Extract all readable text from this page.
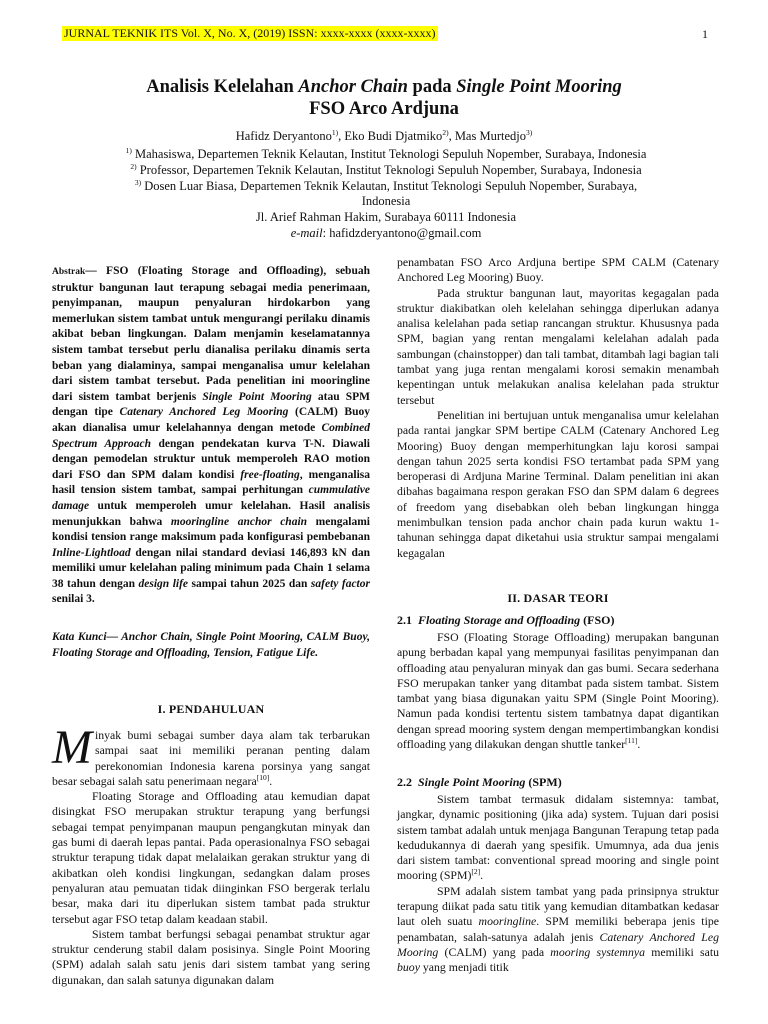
JURNAL TEKNIK ITS Vol. X, No. X, (2019) ISSN: xxxx-xxxx (xxxx-xxxx)	1
Analisis Kelelahan Anchor Chain pada Single Point Mooring
FSO Arco Ardjuna
Hafidz Deryantono$^{1)}$, Eko Budi Djatmiko$^{2)}$, Mas Murtedjo$^{3)}$
$^{1)}$ Mahasiswa, Departemen Teknik Kelautan, Institut Teknologi Sepuluh Nopember, Surabaya, Indonesia
$^{2)}$ Professor, Departemen Teknik Kelautan, Institut Teknologi Sepuluh Nopember, Surabaya, Indonesia
$^{3)}$ Dosen Luar Biasa, Departemen Teknik Kelautan, Institut Teknologi Sepuluh Nopember, Surabaya,
Indonesia
Jl. Arief Rahman Hakim, Surabaya 60111 Indonesia
e-mail: hafidzderyantono@gmail.com

Abstrak— FSO (Floating Storage and Offloading), sebuah struktur bangunan laut terapung sebagai media penerimaan, penyimpanan, maupun penyaluran hirdokarbon yang memerlukan sistem tambat untuk mengurangi perilaku dinamis akibat beban lingkungan. Dalam menjamin keselamatannya sistem tambat tersebut perlu dianalisa perilaku dinamis serta beban yang dialaminya, sampai menganalisa umur kelelahan dari sistem tambat tersebut. Pada penelitian ini mooringline dari sistem tambat berjenis Single Point Mooring atau SPM dengan tipe Catenary Anchored Leg Mooring (CALM) Buoy akan dianalisa umur kelelahannya dengan metode Combined Spectrum Approach dengan pendekatan kurva T-N. Diawali dengan pemodelan struktur untuk memperoleh RAO motion dari FSO dan SPM dalam kondisi free-floating, menganalisa hasil tension sistem tambat, sampai perhitungan cummulative damage untuk memperoleh umur kelelahan. Hasil analisis menunjukkan bahwa mooringline anchor chain mengalami kondisi tension range maksimum pada konfigurasi pembebanan Inline-Lightload dengan nilai standard deviasi 146,893 kN dan memiliki umur kelelahan paling minimum pada Chain 1 selama 38 tahun dengan design life sampai tahun 2025 dan safety factor senilai 3.

Kata Kunci— Anchor Chain, Single Point Mooring, CALM Buoy, Floating Storage and Offloading, Tension, Fatigue Life.

I. PENDAHULUAN

Minyak bumi sebagai sumber daya alam tak terbarukan sampai saat ini memiliki peranan penting dalam perekonomian Indonesia karena porsinya yang sangat besar sebagai salah satu penerimaan negara[10].

Floating Storage and Offloading atau kemudian dapat disingkat FSO merupakan struktur terapung yang berfungsi sebagai tempat penyimpanan maupun pengangkutan minyak dan gas bumi di daerah lepas pantai. Pada operasionalnya FSO sebagai struktur terapung tidak dapat melalaikan gerakan struktur yang di akibatkan oleh kondisi lingkungan, sedangkan dalam proses penyaluran atau pemuatan tidak diinginkan FSO bergerak terlalu besar, maka dari itu diperlukan sistem tambat pada struktur tersebut agar FSO tetap dalam keadaan stabil.

Sistem tambat berfungsi sebagai penambat struktur agar struktur cenderung stabil dalam posisinya. Single Point Mooring (SPM) adalah salah satu jenis dari sistem tambat yang sering digunakan, dan salah satunya digunakan dalam

penambatan FSO Arco Ardjuna bertipe SPM CALM (Catenary Anchored Leg Mooring) Buoy.

Pada struktur bangunan laut, mayoritas kegagalan pada struktur diakibatkan oleh kelelahan sehingga diperlukan adanya analisa kelelahan pada setiap rancangan struktur. Khususnya pada SPM, bagian yang rentan mengalami kelelahan adalah pada sambungan (chainstopper) dan tali tambat, ditambah lagi bagian tali tambat yang juga rentan mengalami korosi semakin menambah kepentingan untuk melakukan analisa kelelahan pada struktur tersebut

Penelitian ini bertujuan untuk menganalisa umur kelelahan pada rantai jangkar SPM bertipe CALM (Catenary Anchored Leg Mooring) Buoy dengan memperhitungkan laju korosi sampai dengan tahun 2025 serta kondisi FSO tertambat pada SPM yang beroperasi di Ardjuna Marine Terminal. Dalam penelitian ini akan dibahas bagaimana respon gerakan FSO dan SPM dalam 6 degrees of freedom yang disebabkan oleh beban lingkungan hingga menimbulkan tension pada anchor chain pada kurun waktu 1-tahunan sehingga dapat diketahui usia struktur sampai mengalami kegagalan

II. DASAR TEORI
2.1 Floating Storage and Offloading (FSO)

FSO (Floating Storage Offloading) merupakan bangunan apung berbadan kapal yang mempunyai fasilitas penyimpanan dan offloading atau penyaluran minyak dan gas bumi. Secara sederhana FSO merupakan tanker yang ditambat pada sistem tambat. Sistem tambat yang biasa digunakan yaitu SPM (Single Point Mooring). Namun pada kondisi tertentu sistem tambatnya dapat digantikan dengan spread mooring system dengan mempertimbangkan kondisi offloading yang dilakukan dengan shuttle tanker[11].

2.2 Single Point Mooring (SPM)

Sistem tambat termasuk didalam sistemnya: tambat, jangkar, dynamic positioning (jika ada) system. Tujuan dari posisi sistem tambat adalah untuk menjaga Bangunan Terapung tetap pada kedudukannya di daerah yang spesifik. Umumnya, ada dua jenis dari sistem tambat: conventional spread mooring and single point mooring (SPM)[2].

SPM adalah sistem tambat yang pada prinsipnya struktur terapung diikat pada satu titik yang kemudian ditambatkan kedasar laut oleh suatu mooringline. SPM memiliki beberapa jenis tipe penambatan, salah-satunya adalah jenis Catenary Anchored Leg Mooring (CALM) yang pada mooring systemnya memiliki satu buoy yang menjadi titik
